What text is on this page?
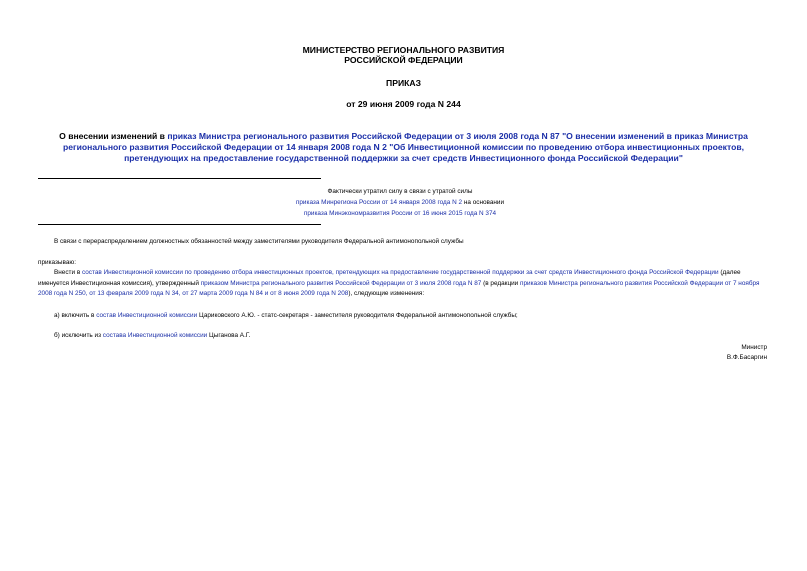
МИНИСТЕРСТВО РЕГИОНАЛЬНОГО РАЗВИТИЯ
РОССИЙСКОЙ ФЕДЕРАЦИИ
ПРИКАЗ
от 29 июня 2009 года N 244
О внесении изменений в приказ Министра регионального развития Российской Федерации от 3 июля 2008 года N 87 "О внесении изменений в приказ Министра регионального развития Российской Федерации от 14 января 2008 года N 2 "Об Инвестиционной комиссии по проведению отбора инвестиционных проектов, претендующих на предоставление государственной поддержки за счет средств Инвестиционного фонда Российской Федерации"
Фактически утратил силу в связи с утратой силы
приказа Минрегиона России от 14 января 2008 года N 2 на основании
приказа Минэкономразвития России от 16 июня 2015 года N 374
В связи с перераспределением должностных обязанностей между заместителями руководителя Федеральной антимонопольной службы
приказываю:
Внести в состав Инвестиционной комиссии по проведению отбора инвестиционных проектов, претендующих на предоставление государственной поддержки за счет средств Инвестиционного фонда Российской Федерации (далее именуется Инвестиционная комиссия), утвержденный приказом Министра регионального развития Российской Федерации от 3 июля 2008 года N 87 (в редакции приказов Министра регионального развития Российской Федерации от 7 ноября 2008 года N 250, от 13 февраля 2009 года N 34, от 27 марта 2009 года N 84 и от 8 июня 2009 года N 208), следующие изменения:
а) включить в состав Инвестиционной комиссии Цариковского А.Ю. - статс-секретаря - заместителя руководителя Федеральной антимонопольной службы;
б) исключить из состава Инвестиционной комиссии Цыганова А.Г.
Министр
В.Ф.Басаргин
